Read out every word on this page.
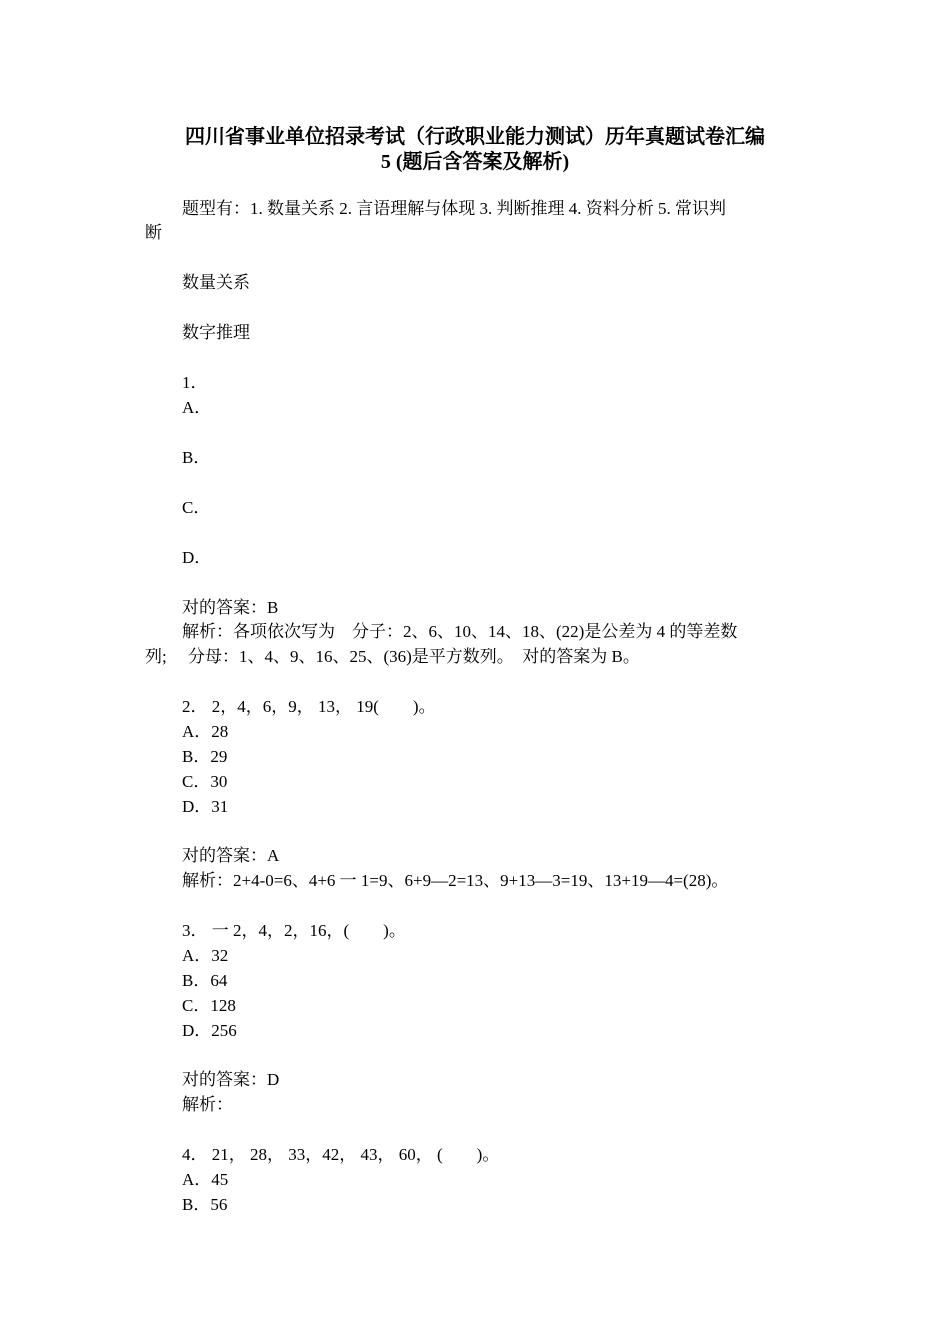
四川省事业单位招录考试（行政职业能力测试）历年真题试卷汇编
5 (题后含答案及解析)
题型有：1. 数量关系 2. 言语理解与体现 3. 判断推理 4. 资料分析 5. 常识判
断
数量关系
数字推理
1．
A．
B．
C．
D．
对的答案：B
解析：各项依次写为　分子：2、6、10、14、18、(22)是公差为 4 的等差数
列;　 分母：1、4、9、16、25、(36)是平方数列。　对的答案为 B。
2． 2，4，6，9， 13， 19(　　)。
A．28
B．29
C．30
D．31
对的答案：A
解析：2+4-0=6、4+6 一 1=9、6+9—2=13、9+13—3=19、13+19—4=(28)。
3． 一 2，4，2，16，(　　)。
A．32
B．64
C．128
D．256
对的答案：D
解析：
4． 21， 28， 33，42， 43， 60， (　　)。
A．45
B．56
